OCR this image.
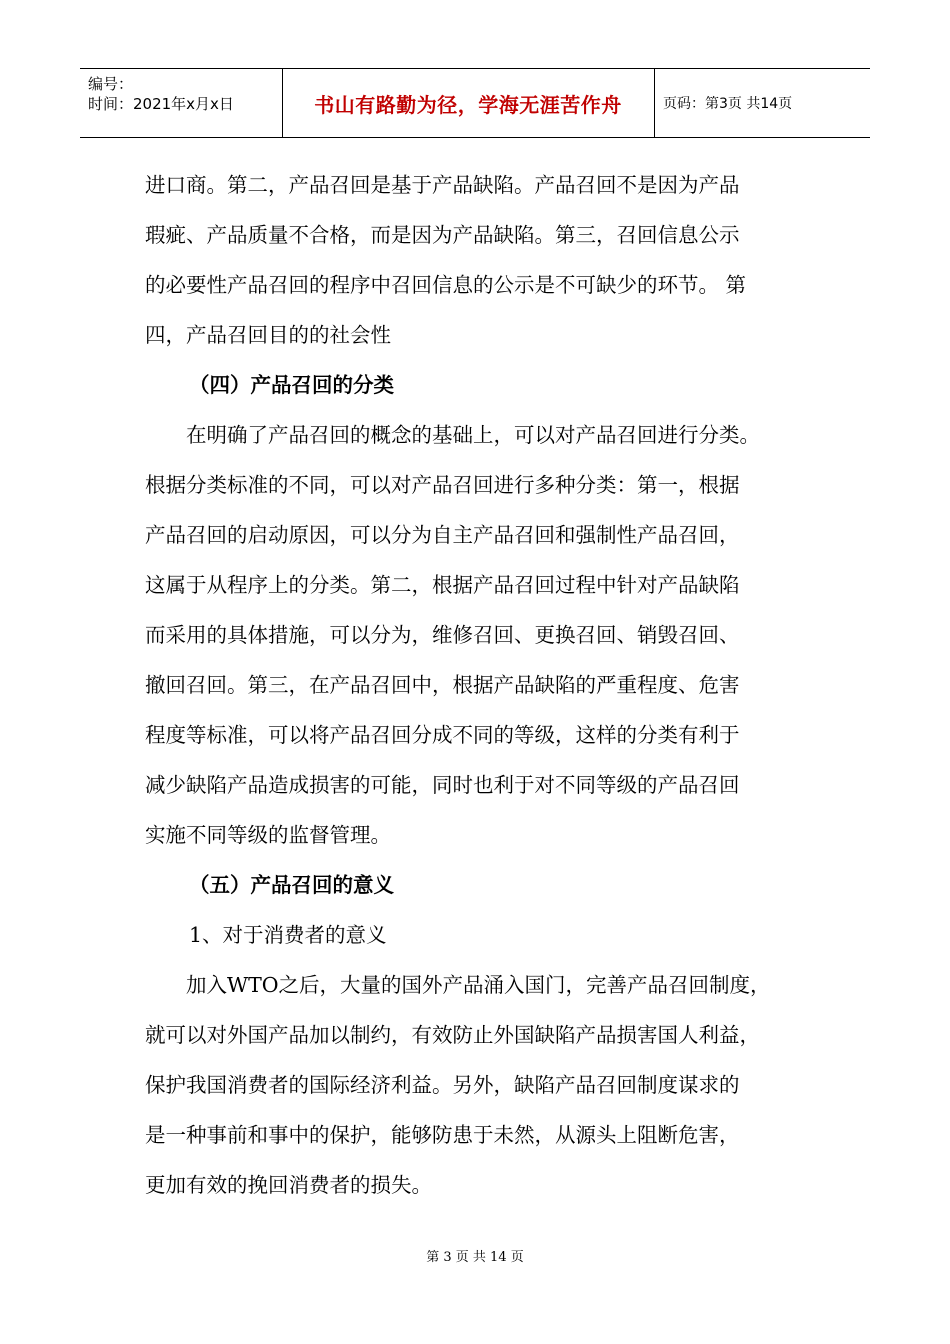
编号：
时间：2021年x月x日	书山有路勤为径，学海无涯苦作舟	页码：第3页 共14页
进口商。第二，产品召回是基于产品缺陷。产品召回不是因为产品
瑕疵、产品质量不合格，而是因为产品缺陷。第三，召回信息公示
的必要性产品召回的程序中召回信息的公示是不可缺少的环节。 第
四，产品召回目的的社会性
（四）产品召回的分类
在明确了产品召回的概念的基础上，可以对产品召回进行分类。
根据分类标准的不同，可以对产品召回进行多种分类：第一，根据
产品召回的启动原因，可以分为自主产品召回和强制性产品召回，
这属于从程序上的分类。第二，根据产品召回过程中针对产品缺陷
而采用的具体措施，可以分为，维修召回、更换召回、销毁召回、
撤回召回。第三，在产品召回中，根据产品缺陷的严重程度、危害
程度等标准，可以将产品召回分成不同的等级，这样的分类有利于
减少缺陷产品造成损害的可能，同时也利于对不同等级的产品召回
实施不同等级的监督管理。
（五）产品召回的意义
1、对于消费者的意义
加入WTO之后，大量的国外产品涌入国门，完善产品召回制度，
就可以对外国产品加以制约，有效防止外国缺陷产品损害国人利益，
保护我国消费者的国际经济利益。另外，缺陷产品召回制度谋求的
是一种事前和事中的保护，能够防患于未然，从源头上阻断危害，
更加有效的挽回消费者的损失。
第 3 页 共 14 页
